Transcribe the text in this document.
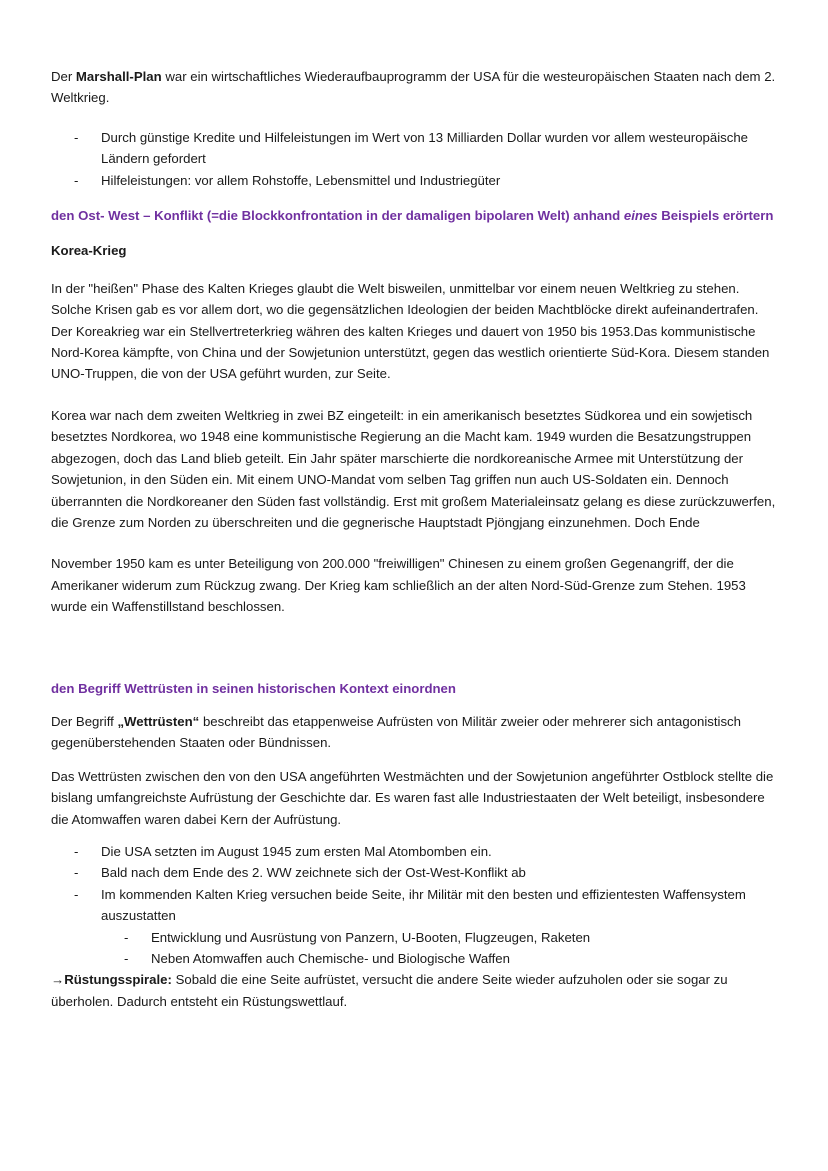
Der Marshall-Plan war ein wirtschaftliches Wiederaufbauprogramm der USA für die westeuropäischen Staaten nach dem 2. Weltkrieg.

- Durch günstige Kredite und Hilfeleistungen im Wert von 13 Milliarden Dollar wurden vor allem westeuropäische Ländern gefordert
- Hilfeleistungen: vor allem Rohstoffe, Lebensmittel und Industriegüter

den Ost- West – Konflikt (=die Blockkonfrontation in der damaligen bipolaren Welt) anhand eines Beispiels erörtern

Korea-Krieg

In der "heißen" Phase des Kalten Krieges glaubt die Welt bisweilen, unmittelbar vor einem neuen Weltkrieg zu stehen. Solche Krisen gab es vor allem dort, wo die gegensätzlichen Ideologien der beiden Machtblöcke direkt aufeinandertrafen. Der Koreakrieg war ein Stellvertreterkrieg währen des kalten Krieges und dauert von 1950 bis 1953.Das kommunistische Nord-Korea kämpfte, von China und der Sowjetunion unterstützt, gegen das westlich orientierte Süd-Kora. Diesem standen UNO-Truppen, die von der USA geführt wurden, zur Seite.

Korea war nach dem zweiten Weltkrieg in zwei BZ eingeteilt: in ein amerikanisch besetztes Südkorea und ein sowjetisch besetztes Nordkorea, wo 1948 eine kommunistische Regierung an die Macht kam. 1949 wurden die Besatzungstruppen abgezogen, doch das Land blieb geteilt. Ein Jahr später marschierte die nordkoreanische Armee mit Unterstützung der Sowjetunion, in den Süden ein. Mit einem UNO-Mandat vom selben Tag griffen nun auch US-Soldaten ein. Dennoch überrannten die Nordkoreaner den Süden fast vollständig. Erst mit großem Materialeinsatz gelang es diese zurückzuwerfen, die Grenze zum Norden zu überschreiten und die gegnerische Hauptstadt Pjöngjang einzunehmen. Doch Ende

November 1950 kam es unter Beteiligung von 200.000 "freiwilligen" Chinesen zu einem großen Gegenangriff, der die Amerikaner widerum zum Rückzug zwang. Der Krieg kam schließlich an der alten Nord-Süd-Grenze zum Stehen. 1953 wurde ein Waffenstillstand beschlossen.

den Begriff Wettrüsten in seinen historischen Kontext einordnen

Der Begriff „Wettrüsten“ beschreibt das etappenweise Aufrüsten von Militär zweier oder mehrerer sich antagonistisch gegenüberstehenden Staaten oder Bündnissen.

Das Wettrüsten zwischen den von den USA angeführten Westmächten und der Sowjetunion angeführter Ostblock stellte die bislang umfangreichste Aufrüstung der Geschichte dar. Es waren fast alle Industriestaaten der Welt beteiligt, insbesondere die Atomwaffen waren dabei Kern der Aufrüstung.

- Die USA setzten im August 1945 zum ersten Mal Atombomben ein.
- Bald nach dem Ende des 2. WW zeichnete sich der Ost-West-Konflikt ab
- Im kommenden Kalten Krieg versuchen beide Seite, ihr Militär mit den besten und effizientesten Waffensystem auszustatten
- Entwicklung und Ausrüstung von Panzern, U-Booten, Flugzeugen, Raketen
- Neben Atomwaffen auch Chemische- und Biologische Waffen

→Rüstungsspirale: Sobald die eine Seite aufrüstet, versucht die andere Seite wieder aufzuholen oder sie sogar zu überholen. Dadurch entsteht ein Rüstungswettlauf.
